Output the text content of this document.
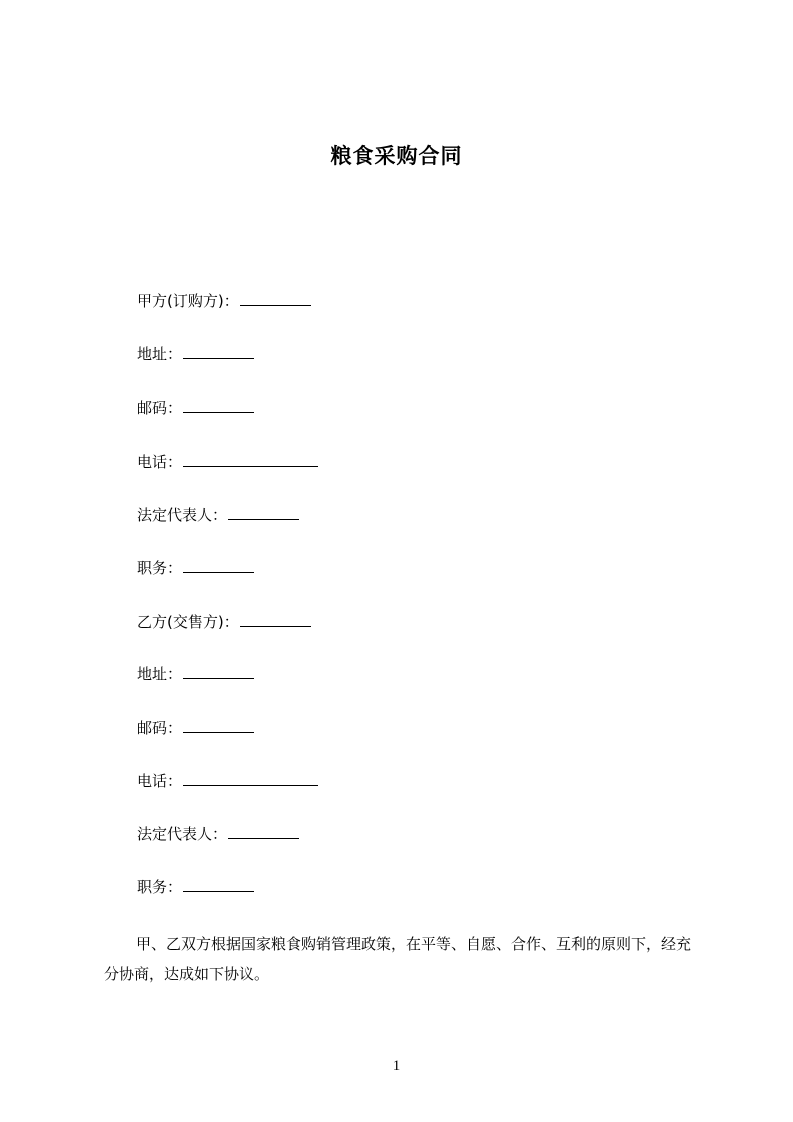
粮食采购合同
甲方(订购方)：
地址：
邮码：
电话：
法定代表人：
职务：
乙方(交售方)：
地址：
邮码：
电话：
法定代表人：
职务：
甲、乙双方根据国家粮食购销管理政策，在平等、自愿、合作、互利的原则下，经充分协商，达成如下协议。
1
